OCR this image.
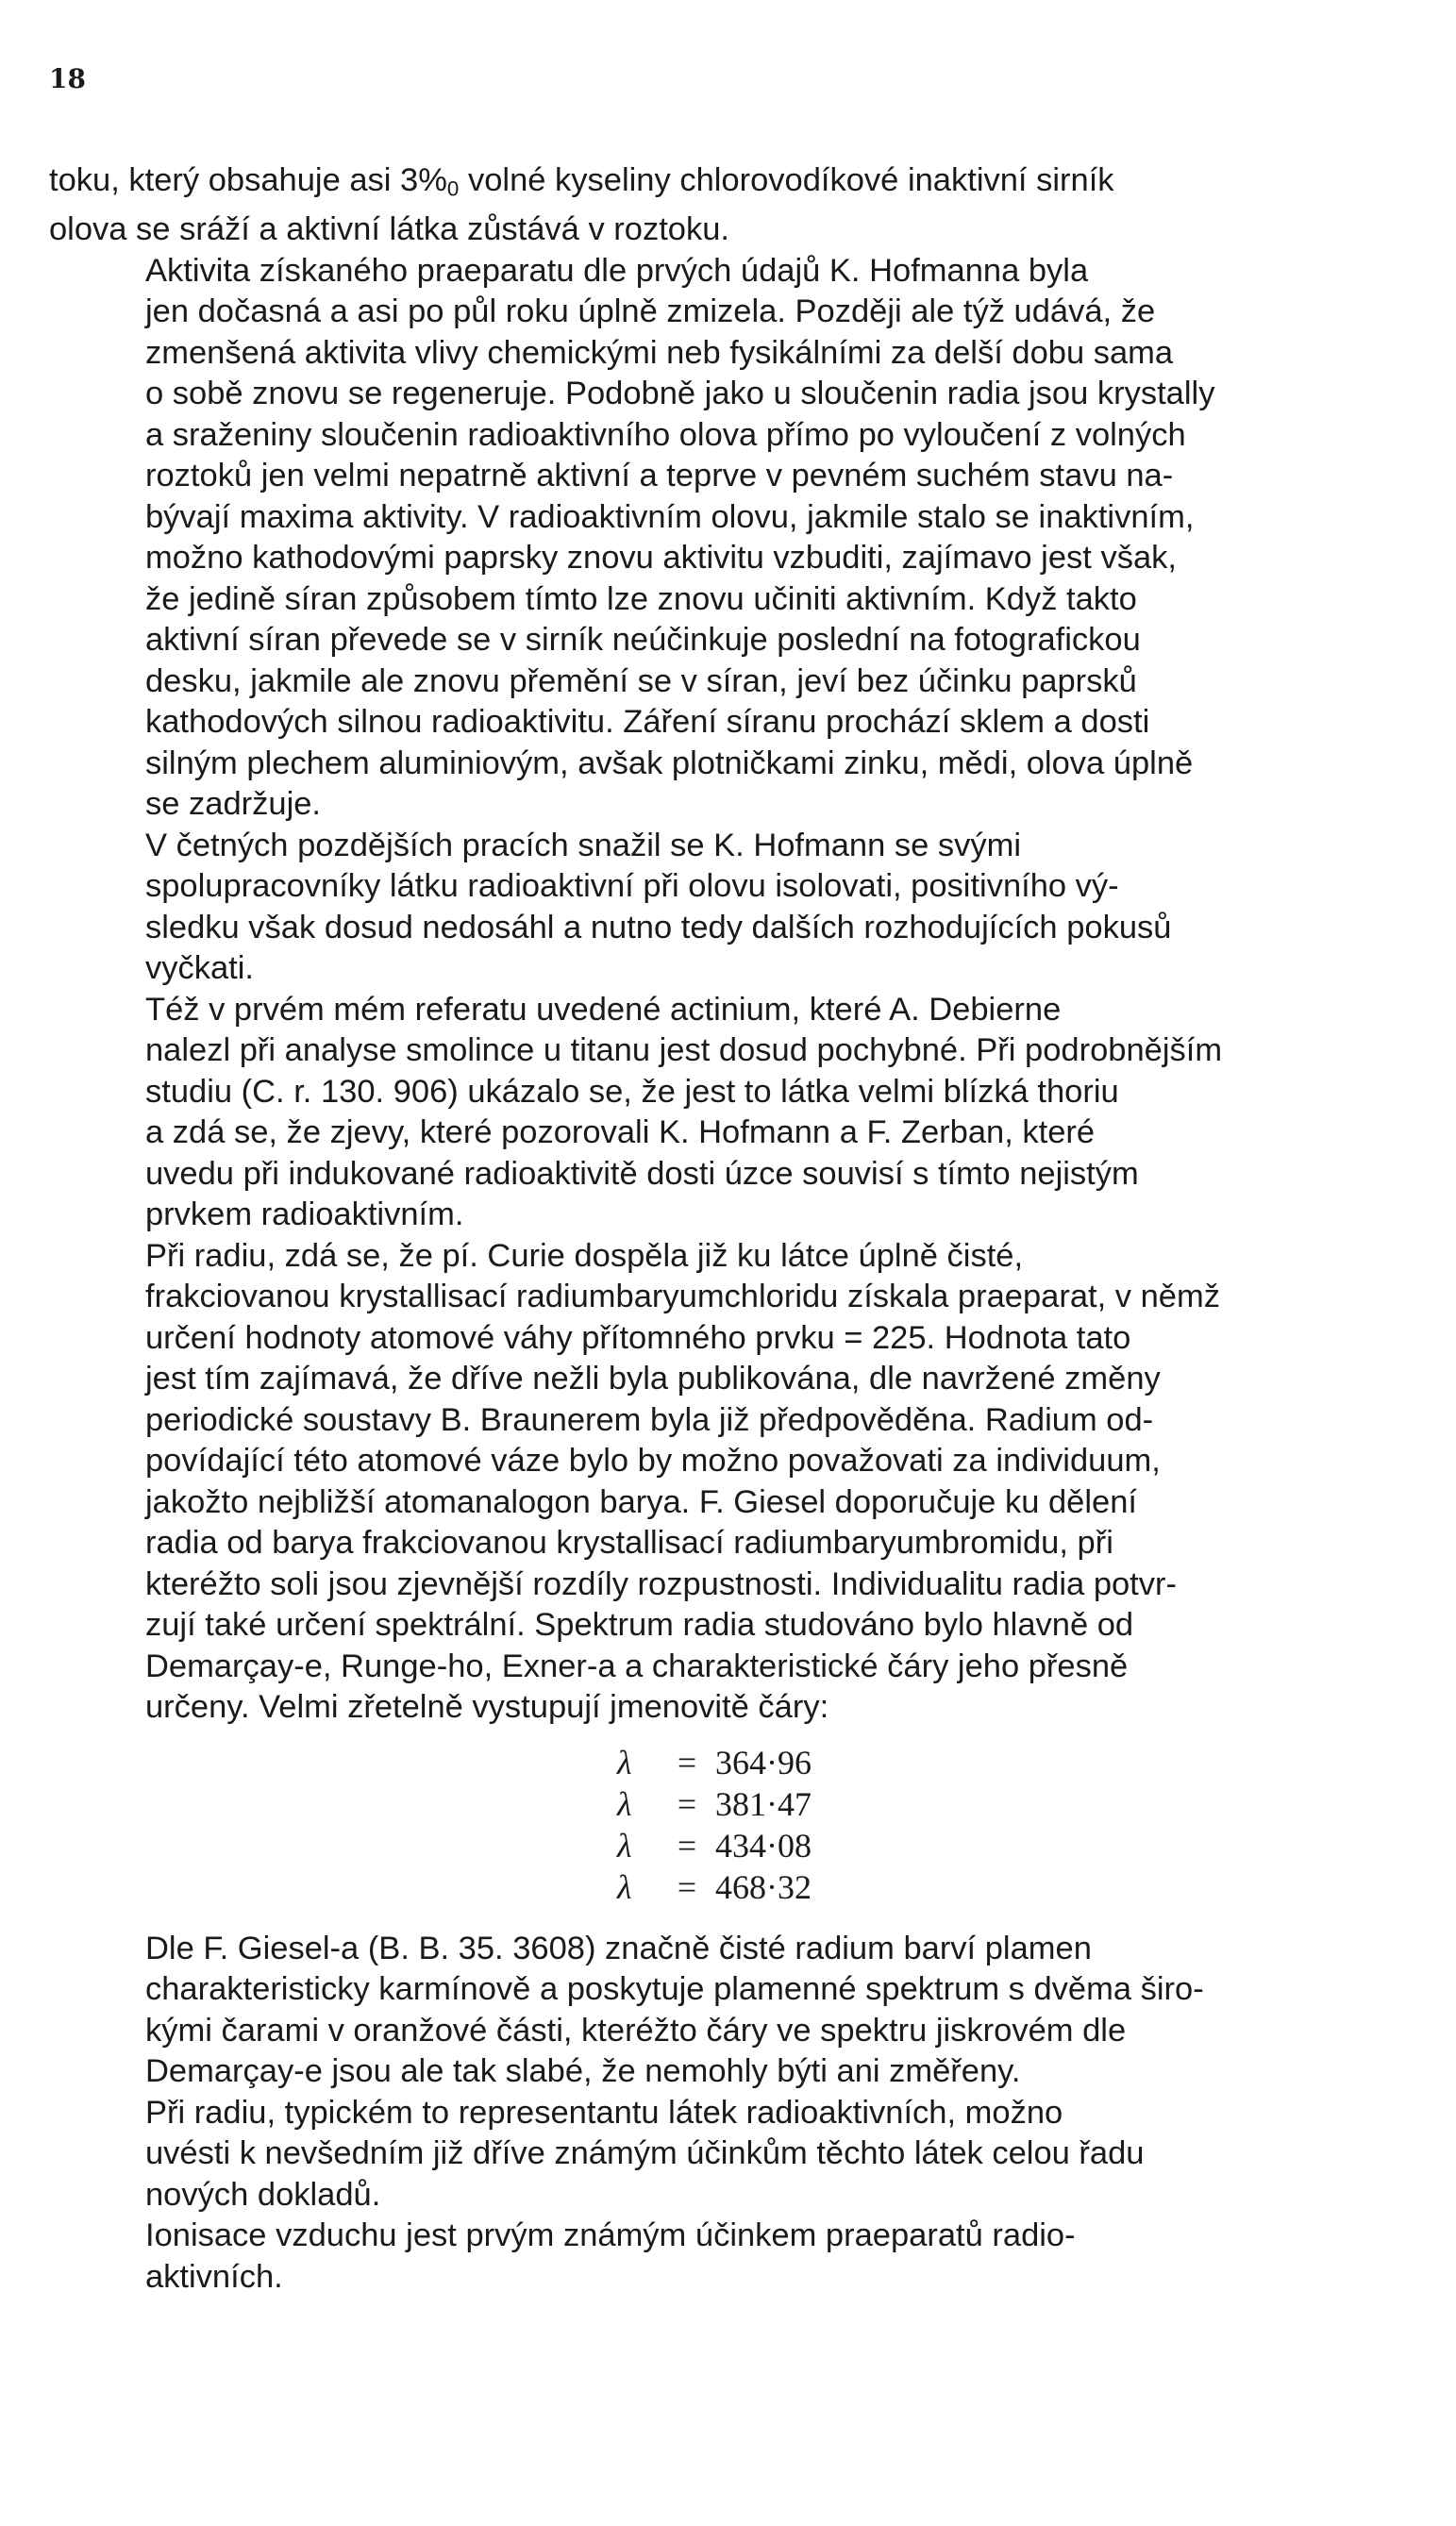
18

toku, který obsahuje asi $3\%_0$ volné kyseliny chlorovodíkové inaktivní sirník
olova se sráží a aktivní látka zůstává v roztoku.

Aktivita získaného praeparatu dle prvých údajů K. Hofmanna byla
jen dočasná a asi po půl roku úplně zmizela. Později ale týž udává, že
zmenšená aktivita vlivy chemickými neb fysikálními za delší dobu sama
o sobě znovu se regeneruje. Podobně jako u sloučenin radia jsou krystally
a sraženiny sloučenin radioaktivního olova přímo po vyloučení z volných
roztoků jen velmi nepatrně aktivní a teprve v pevném suchém stavu na-
bývají maxima aktivity. V radioaktivním olovu, jakmile stalo se inaktivním,
možno kathodovými paprsky znovu aktivitu vzbuditi, zajímavo jest však,
že jedině síran způsobem tímto lze znovu učiniti aktivním. Když takto
aktivní síran převede se v sirník neúčinkuje poslední na fotografickou
desku, jakmile ale znovu přemění se v síran, jeví bez účinku paprsků
kathodových silnou radioaktivitu. Záření síranu prochází sklem a dosti
silným plechem aluminiovým, avšak plotničkami zinku, mědi, olova úplně
se zadržuje.

V četných pozdějších pracích snažil se K. Hofmann se svými
spolupracovníky látku radioaktivní při olovu isolovati, positivního vý-
sledku však dosud nedosáhl a nutno tedy dalších rozhodujících pokusů
vyčkati.

Též v prvém mém referatu uvedené actinium, které A. Debierne
nalezl při analyse smolince u titanu jest dosud pochybné. Při podrobnějším
studiu (C. r. 130. 906) ukázalo se, že jest to látka velmi blízká thoriu
a zdá se, že zjevy, které pozorovali K. Hofmann a F. Zerban, které
uvedu při indukované radioaktivitě dosti úzce souvisí s tímto nejistým
prvkem radioaktivním.

Při radiu, zdá se, že pí. Curie dospěla již ku látce úplně čisté,
frakciovanou krystallisací radiumbaryumchloridu získala praeparat, v němž
určení hodnoty atomové váhy přítomného prvku = 225. Hodnota tato
jest tím zajímavá, že dříve nežli byla publikována, dle navržené změny
periodické soustavy B. Braunerem byla již předpověděna. Radium od-
povídající této atomové váze bylo by možno považovati za individuum,
jakožto nejbližší atomanalogon barya. F. Giesel doporučuje ku dělení
radia od barya frakciovanou krystallisací radiumbaryumbromidu, při
kteréžto soli jsou zjevnější rozdíly rozpustnosti. Individualitu radia potvr-
zují také určení spektrální. Spektrum radia studováno bylo hlavně od
Demarçay-e, Runge-ho, Exner-a a charakteristické čáry jeho přesně
určeny. Velmi zřetelně vystupují jmenovitě čáry:

λ = 364·96
λ = 381·47
λ = 434·08
λ = 468·32

Dle F. Giesel-a (B. B. 35. 3608) značně čisté radium barví plamen
charakteristicky karmínově a poskytuje plamenné spektrum s dvěma širo-
kými čarami v oranžové části, kteréžto čáry ve spektru jiskrovém dle
Demarçay-e jsou ale tak slabé, že nemohly býti ani změřeny.

Při radiu, typickém to representantu látek radioaktivních, možno
uvésti k nevšedním již dříve známým účinkům těchto látek celou řadu
nových dokladů.

Ionisace vzduchu jest prvým známým účinkem praeparatů radio-
aktivních.
